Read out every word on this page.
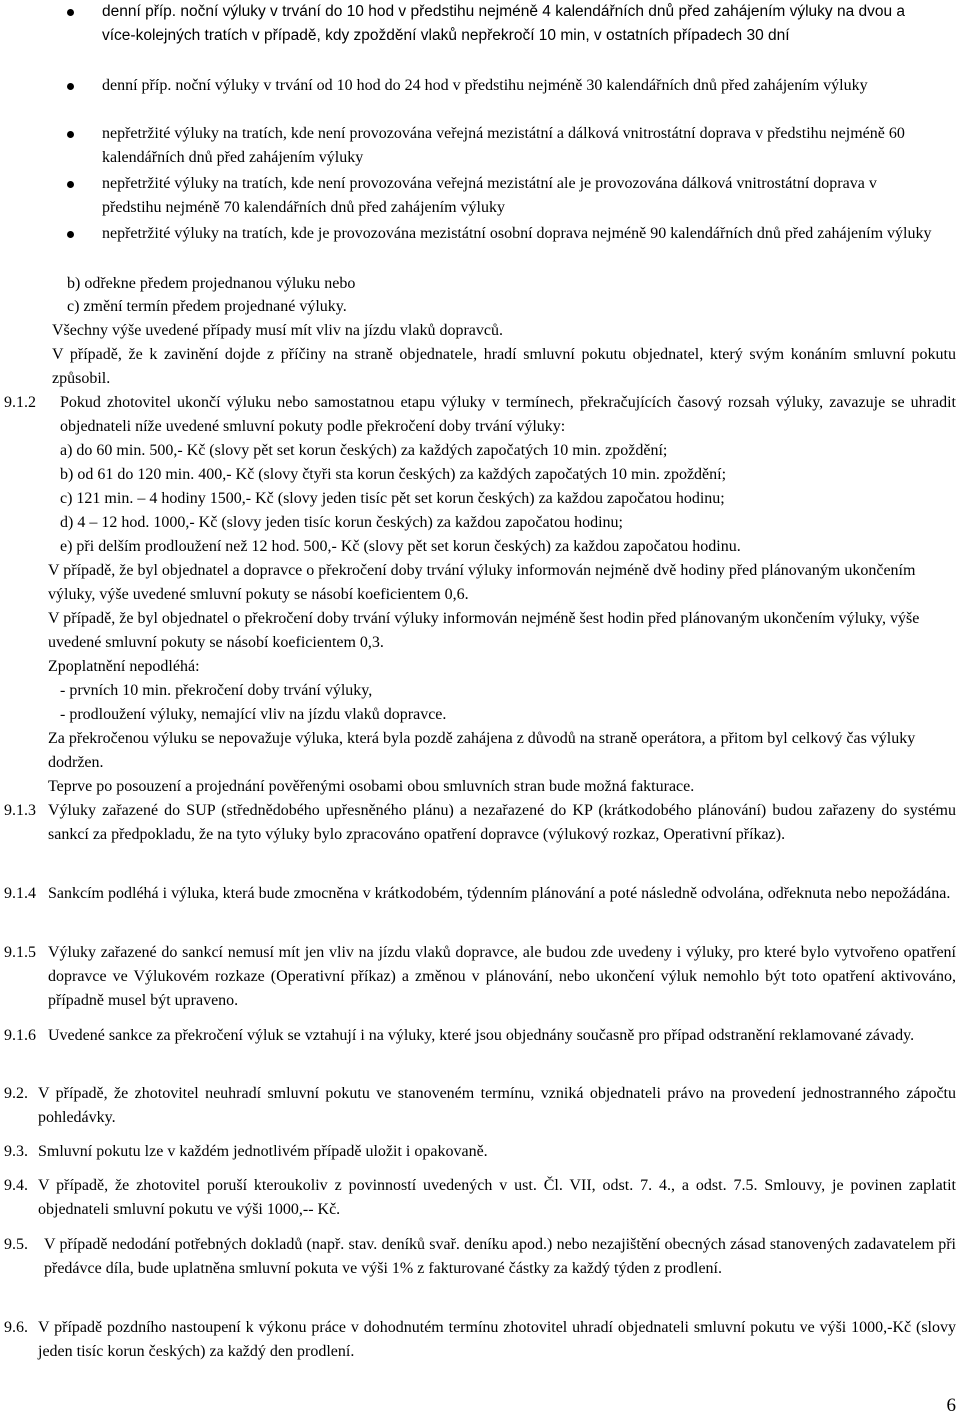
denní příp. noční výluky v trvání do 10 hod v předstihu nejméně 4 kalendářních dnů před zahájením výluky na dvou a více-kolejných tratích v případě, kdy zpoždění vlaků nepřekročí 10 min, v ostatních případech 30 dní
denní příp. noční výluky v trvání od 10 hod do 24 hod v předstihu nejméně 30 kalendářních dnů před zahájením výluky
nepřetržité výluky na tratích, kde není provozována veřejná mezistátní a dálková vnitrostátní doprava v předstihu nejméně 60 kalendářních dnů před zahájením výluky
nepřetržité výluky na tratích, kde není provozována veřejná mezistátní ale je provozována dálková vnitrostátní doprava v předstihu nejméně 70 kalendářních dnů před zahájením výluky
nepřetržité výluky na tratích, kde je provozována mezistátní osobní doprava nejméně 90 kalendářních dnů před zahájením výluky
b) odřekne předem projednanou výluku nebo
c) změní termín předem projednané výluky.
Všechny výše uvedené případy musí mít vliv na jízdu vlaků dopravců.
V případě, že k zavinění dojde z příčiny na straně objednatele, hradí smluvní pokutu objednatel, který svým konáním smluvní pokutu způsobil.
9.1.2 Pokud zhotovitel ukončí výluku nebo samostatnou etapu výluky v termínech, překračujících časový rozsah výluky, zavazuje se uhradit objednateli níže uvedené smluvní pokuty podle překročení doby trvání výluky:
a) do 60 min. 500,- Kč (slovy pět set korun českých) za každých započatých 10 min. zpoždění;
b) od 61 do 120 min. 400,- Kč (slovy čtyři sta korun českých) za každých započatých 10 min. zpoždění;
c) 121 min. – 4 hodiny 1500,- Kč (slovy jeden tisíc pět set korun českých) za každou započatou hodinu;
d) 4 – 12 hod. 1000,- Kč (slovy jeden tisíc korun českých) za každou započatou hodinu;
e) při delším prodloužení než 12 hod. 500,- Kč (slovy pět set korun českých) za každou započatou hodinu.
V případě, že byl objednatel a dopravce o překročení doby trvání výluky informován nejméně dvě hodiny před plánovaným ukončením výluky, výše uvedené smluvní pokuty se násobí koeficientem 0,6.
V případě, že byl objednatel o překročení doby trvání výluky informován nejméně šest hodin před plánovaným ukončením výluky, výše uvedené smluvní pokuty se násobí koeficientem 0,3.
Zpoplatnění nepodléhá:
- prvních 10 min. překročení doby trvání výluky,
- prodloužení výluky, nemající vliv na jízdu vlaků dopravce.
Za překročenou výluku se nepovažuje výluka, která byla pozdě zahájena z důvodů na straně operátora, a přitom byl celkový čas výluky dodržen.
Teprve po posouzení a projednání pověřenými osobami obou smluvních stran bude možná fakturace.
9.1.3 Výluky zařazené do SUP (střednědobého upřesněného plánu) a nezařazené do KP (krátkodobého plánování) budou zařazeny do systému sankcí za předpokladu, že na tyto výluky bylo zpracováno opatření dopravce (výlukový rozkaz, Operativní příkaz).
9.1.4 Sankcím podléhá i výluka, která bude zmocněna v krátkodobém, týdenním plánování a poté následně odvolána, odřeknuta nebo nepožádána.
9.1.5 Výluky zařazené do sankcí nemusí mít jen vliv na jízdu vlaků dopravce, ale budou zde uvedeny i výluky, pro které bylo vytvořeno opatření dopravce ve Výlukovém rozkaze (Operativní příkaz) a změnou v plánování, nebo ukončení výluk nemohlo být toto opatření aktivováno, případně musel být upraveno.
9.1.6 Uvedené sankce za překročení výluk se vztahují i na výluky, které jsou objednány současně pro případ odstranění reklamované závady.
9.2. V případě, že zhotovitel neuhradí smluvní pokutu ve stanoveném termínu, vzniká objednateli právo na provedení jednostranného zápočtu pohledávky.
9.3. Smluvní pokutu lze v každém jednotlivém případě uložit i opakovaně.
9.4. V případě, že zhotovitel poruší kteroukoliv z povinností uvedených v ust. Čl. VII, odst. 7. 4., a odst. 7.5. Smlouvy, je povinen zaplatit objednateli smluvní pokutu ve výši 1000,-- Kč.
9.5. V případě nedodání potřebných dokladů (např. stav. deníků svař. deníku apod.) nebo nezajištění obecných zásad stanovených zadavatelem při předávce díla, bude uplatněna smluvní pokuta ve výši 1% z fakturované částky za každý týden z prodlení.
9.6. V případě pozdního nastoupení k výkonu práce v dohodnutém termínu zhotovitel uhradí objednateli smluvní pokutu ve výši 1000,-Kč (slovy jeden tisíc korun českých) za každý den prodlení.
6
